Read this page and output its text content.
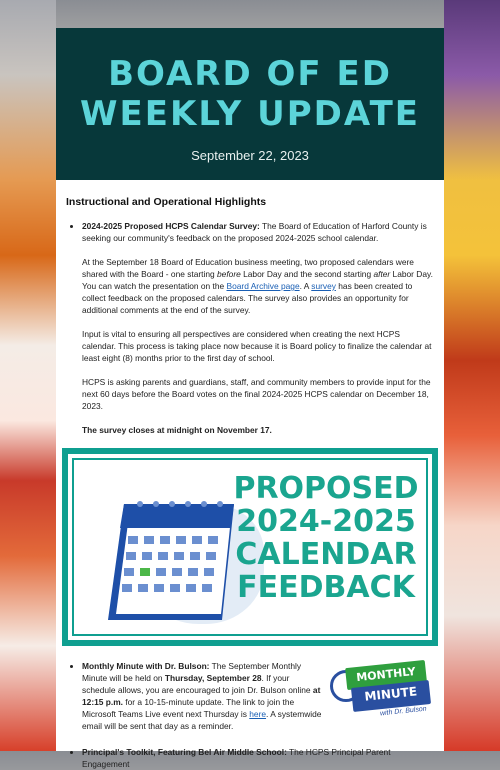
BOARD OF ED WEEKLY UPDATE
September 22, 2023
Instructional and Operational Highlights

• 2024-2025 Proposed HCPS Calendar Survey: The Board of Education of Harford County is seeking our community's feedback on the proposed 2024-2025 school calendar.

At the September 18 Board of Education business meeting, two proposed calendars were shared with the Board - one starting before Labor Day and the second starting after Labor Day. You can watch the presentation on the Board Archive page. A survey has been created to collect feedback on the proposed calendars. The survey also provides an opportunity for additional comments at the end of the survey.

Input is vital to ensuring all perspectives are considered when creating the next HCPS calendar. This process is taking place now because it is Board policy to finalize the calendar at least eight (8) months prior to the first day of school.

HCPS is asking parents and guardians, staff, and community members to provide input for the next 60 days before the Board votes on the final 2024-2025 HCPS calendar on December 18, 2023.

The survey closes at midnight on November 17.

PROPOSED
2024-2025
CALENDAR
FEEDBACK
• Monthly Minute with Dr. Bulson: The September Monthly Minute will be held on Thursday, September 28. If your schedule allows, you are encouraged to join Dr. Bulson online at 12:15 p.m. for a 10-15-minute update. The link to join the Microsoft Teams Live event next Thursday is here. A systemwide email will be sent that day as a reminder.
MONTHLY
MINUTE
with Dr. Bulson
• Principal's Toolkit, Featuring Bel Air Middle School: The HCPS Principal Parent Engagement
